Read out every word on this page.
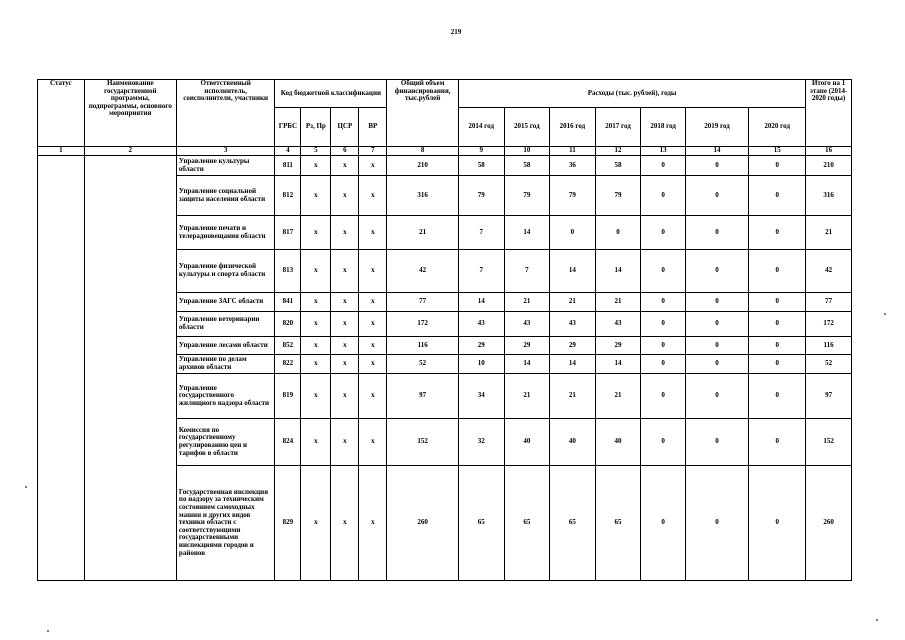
219
Статус	Наименование государственной программы, подпрограммы, основного мероприятия	Ответственный исполнитель, соисполнители, участники	Код бюджетной классификации				Общий объем финансирования, тыс.рублей	Расходы (тыс. рублей), годы							Итого на 1 этапе (2014-2020 годы)
			ГРБС	Рз, Пр	ЦСР	ВР		2014 год	2015 год	2016 год	2017 год	2018 год	2019 год	2020 год	
1	2	3	4	5	6	7	8	9	10	11	12	13	14	15	16
		Управление культуры области	811	x	x	x	210	58	58	36	58	0	0	0	210
		Управление социальной защиты населения области	812	x	x	x	316	79	79	79	79	0	0	0	316
		Управление печати и телерадиовещания области	817	x	x	x	21	7	14	0	0	0	0	0	21
		Управление физической культуры и спорта области	813	x	x	x	42	7	7	14	14	0	0	0	42
		Управление ЗАГС области	841	x	x	x	77	14	21	21	21	0	0	0	77
		Управление ветеринарии области	820	x	x	x	172	43	43	43	43	0	0	0	172
		Управление лесами области	852	x	x	x	116	29	29	29	29	0	0	0	116
		Управление по делам архивов области	822	x	x	x	52	10	14	14	14	0	0	0	52
		Управление государственного жилищного надзора области	819	x	x	x	97	34	21	21	21	0	0	0	97
		Комиссия по государственному регулированию цен и тарифов в области	824	x	x	x	152	32	40	40	40	0	0	0	152
		Государственная инспекция по надзору за техническим состоянием самоходных машин и других видов техники области с соответствующими государственными инспекциями городов и районов	829	x	x	x	260	65	65	65	65	0	0	0	260
